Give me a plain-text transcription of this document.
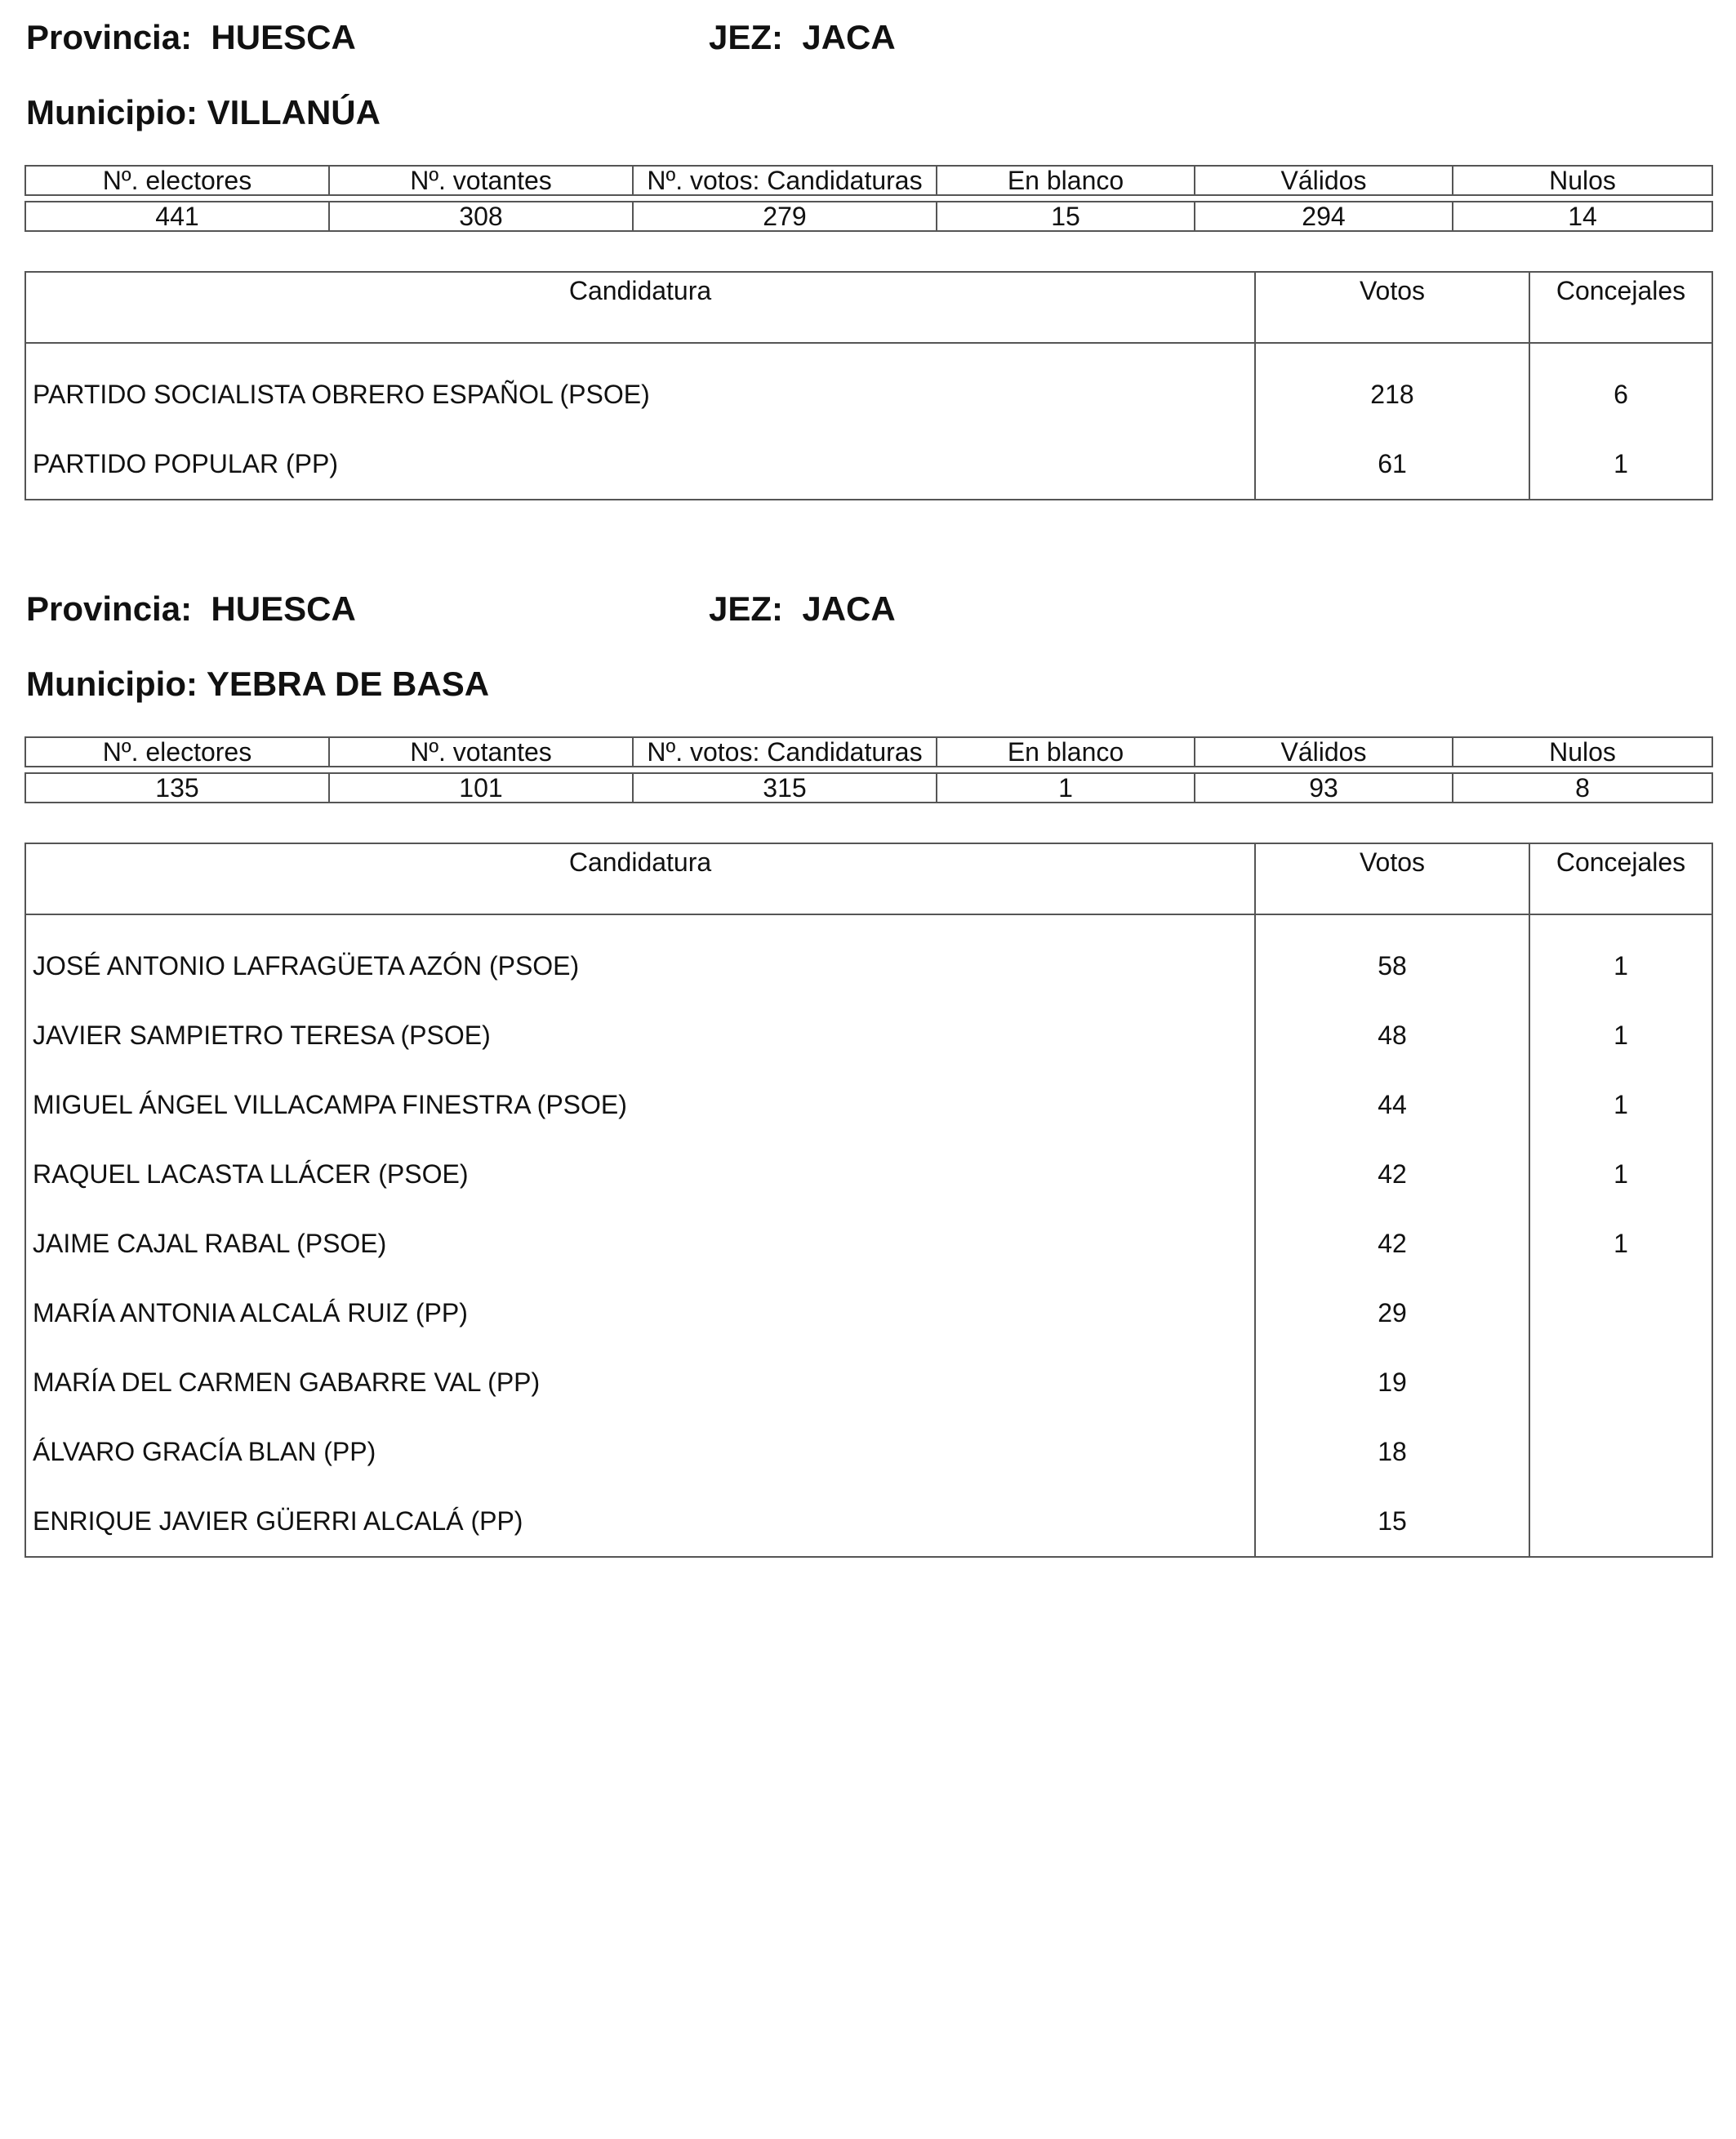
Provincia: HUESCA	JEZ: JACA
Municipio: VILLANÚA
Nº. electores	Nº. votantes	Nº. votos: Candidaturas	En blanco	Válidos	Nulos

441	308	279	15	294	14
Candidatura	Votos	Concejales
PARTIDO SOCIALISTA OBRERO ESPAÑOL (PSOE)	218	6
PARTIDO POPULAR (PP)	61	1
Provincia: HUESCA	JEZ: JACA
Municipio: YEBRA DE BASA
Nº. electores	Nº. votantes	Nº. votos: Candidaturas	En blanco	Válidos	Nulos

135	101	315	1	93	8
Candidatura	Votos	Concejales
JOSÉ ANTONIO LAFRAGÜETA AZÓN (PSOE)	58	1
JAVIER SAMPIETRO TERESA (PSOE)	48	1
MIGUEL ÁNGEL VILLACAMPA FINESTRA (PSOE)	44	1
RAQUEL LACASTA LLÁCER (PSOE)	42	1
JAIME CAJAL RABAL (PSOE)	42	1
MARÍA ANTONIA ALCALÁ RUIZ (PP)	29	
MARÍA DEL CARMEN GABARRE VAL (PP)	19	
ÁLVARO GRACÍA BLAN (PP)	18	
ENRIQUE JAVIER GÜERRI ALCALÁ (PP)	15	
